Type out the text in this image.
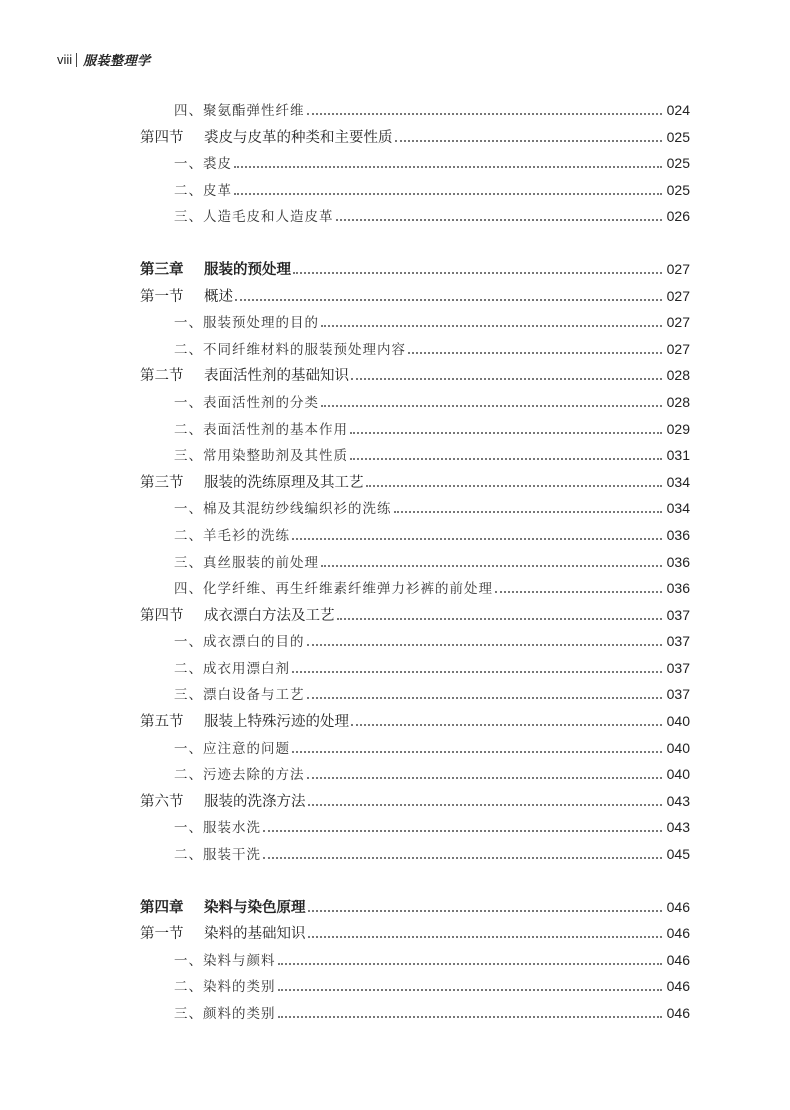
viii 服装整理学
四、聚氨酯弹性纤维	024
第四节	裘皮与皮革的种类和主要性质	025
一、裘皮	025
二、皮革	025
三、人造毛皮和人造皮革	026
第三章	服装的预处理	027
第一节	概述	027
一、服装预处理的目的	027
二、不同纤维材料的服装预处理内容	027
第二节	表面活性剂的基础知识	028
一、表面活性剂的分类	028
二、表面活性剂的基本作用	029
三、常用染整助剂及其性质	031
第三节	服装的洗练原理及其工艺	034
一、棉及其混纺纱线编织衫的洗练	034
二、羊毛衫的洗练	036
三、真丝服装的前处理	036
四、化学纤维、再生纤维素纤维弹力衫裤的前处理	036
第四节	成衣漂白方法及工艺	037
一、成衣漂白的目的	037
二、成衣用漂白剂	037
三、漂白设备与工艺	037
第五节	服装上特殊污迹的处理	040
一、应注意的问题	040
二、污迹去除的方法	040
第六节	服装的洗涤方法	043
一、服装水洗	043
二、服装干洗	045
第四章	染料与染色原理	046
第一节	染料的基础知识	046
一、染料与颜料	046
二、染料的类别	046
三、颜料的类别	046
